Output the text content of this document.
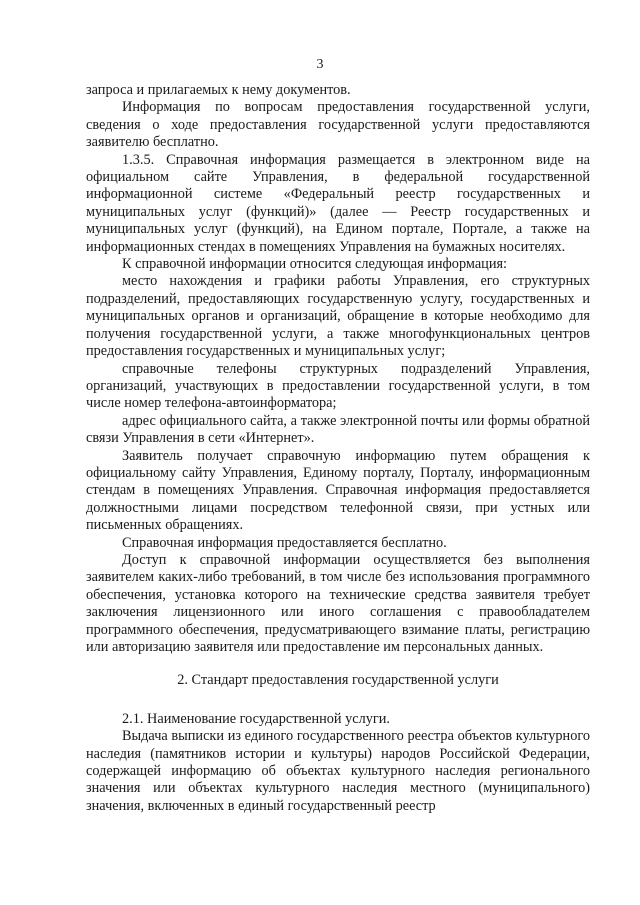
3

запроса и прилагаемых к нему документов.

Информация по вопросам предоставления государственной услуги, сведения о ходе предоставления государственной услуги предоставляются заявителю бесплатно.

1.3.5. Справочная информация размещается в электронном виде на официальном сайте Управления, в федеральной государственной информационной системе «Федеральный реестр государственных и муниципальных услуг (функций)» (далее — Реестр государственных и муниципальных услуг (функций), на Едином портале, Портале, а также на информационных стендах в помещениях Управления на бумажных носителях.

К справочной информации относится следующая информация:

место нахождения и графики работы Управления, его структурных подразделений, предоставляющих государственную услугу, государственных и муниципальных органов и организаций, обращение в которые необходимо для получения государственной услуги, а также многофункциональных центров предоставления государственных и муниципальных услуг;

справочные телефоны структурных подразделений Управления, организаций, участвующих в предоставлении государственной услуги, в том числе номер телефона-автоинформатора;

адрес официального сайта, а также электронной почты или формы обратной связи Управления в сети «Интернет».

Заявитель получает справочную информацию путем обращения к официальному сайту Управления, Единому порталу, Порталу, информационным стендам в помещениях Управления. Справочная информация предоставляется должностными лицами посредством телефонной связи, при устных или письменных обращениях.

Справочная информация предоставляется бесплатно.

Доступ к справочной информации осуществляется без выполнения заявителем каких-либо требований, в том числе без использования программного обеспечения, установка которого на технические средства заявителя требует заключения лицензионного или иного соглашения с правообладателем программного обеспечения, предусматривающего взимание платы, регистрацию или авторизацию заявителя или предоставление им персональных данных.

2. Стандарт предоставления государственной услуги

2.1. Наименование государственной услуги.

Выдача выписки из единого государственного реестра объектов культурного наследия (памятников истории и культуры) народов Российской Федерации, содержащей информацию об объектах культурного наследия регионального значения или объектах культурного наследия местного (муниципального) значения, включенных в единый государственный реестр
